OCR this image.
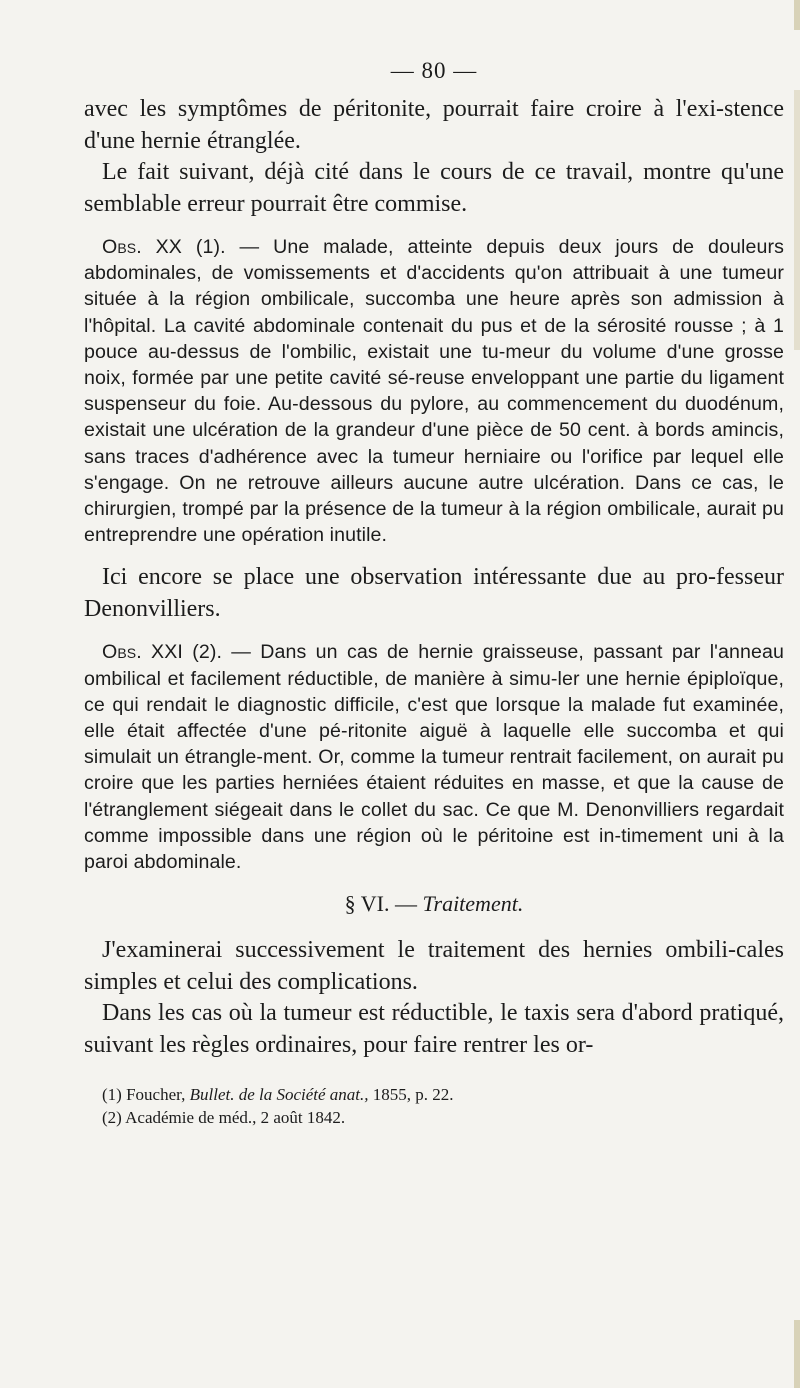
— 80 —

avec les symptômes de péritonite, pourrait faire croire à l'exi-stence d'une hernie étranglée.

Le fait suivant, déjà cité dans le cours de ce travail, montre qu'une semblable erreur pourrait être commise.

Obs. XX (1). — Une malade, atteinte depuis deux jours de douleurs abdominales, de vomissements et d'accidents qu'on attribuait à une tumeur située à la région ombilicale, succomba une heure après son admission à l'hôpital. La cavité abdominale contenait du pus et de la sérosité rousse ; à 1 pouce au-dessus de l'ombilic, existait une tu-meur du volume d'une grosse noix, formée par une petite cavité sé-reuse enveloppant une partie du ligament suspenseur du foie. Au-dessous du pylore, au commencement du duodénum, existait une ulcération de la grandeur d'une pièce de 50 cent. à bords amincis, sans traces d'adhérence avec la tumeur herniaire ou l'orifice par lequel elle s'engage. On ne retrouve ailleurs aucune autre ulcération. Dans ce cas, le chirurgien, trompé par la présence de la tumeur à la région ombilicale, aurait pu entreprendre une opération inutile.

Ici encore se place une observation intéressante due au pro-fesseur Denonvilliers.

Obs. XXI (2). — Dans un cas de hernie graisseuse, passant par l'anneau ombilical et facilement réductible, de manière à simu-ler une hernie épiploïque, ce qui rendait le diagnostic difficile, c'est que lorsque la malade fut examinée, elle était affectée d'une pé-ritonite aiguë à laquelle elle succomba et qui simulait un étrangle-ment. Or, comme la tumeur rentrait facilement, on aurait pu croire que les parties herniées étaient réduites en masse, et que la cause de l'étranglement siégeait dans le collet du sac. Ce que M. Denonvilliers regardait comme impossible dans une région où le péritoine est in-timement uni à la paroi abdominale.

§ VI. — Traitement.

J'examinerai successivement le traitement des hernies ombili-cales simples et celui des complications.

Dans les cas où la tumeur est réductible, le taxis sera d'abord pratiqué, suivant les règles ordinaires, pour faire rentrer les or-

(1) Foucher, Bullet. de la Société anat., 1855, p. 22.

(2) Académie de méd., 2 août 1842.
